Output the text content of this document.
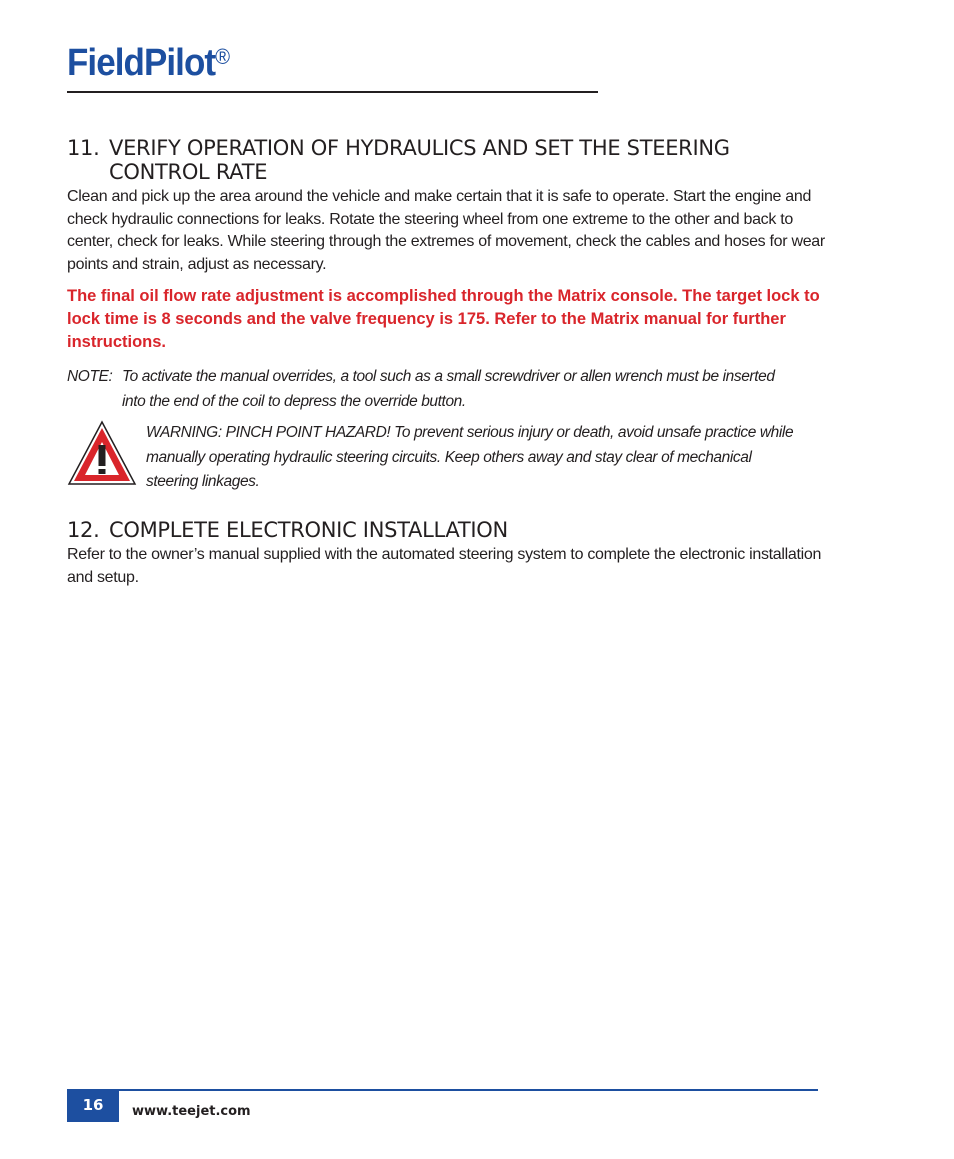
FieldPilot®
11. VERIFY OPERATION OF HYDRAULICS AND SET THE STEERING
CONTROL RATE

Clean and pick up the area around the vehicle and make certain that it is safe to operate. Start the engine and check hydraulic connections for leaks. Rotate the steering wheel from one extreme to the other and back to center, check for leaks. While steering through the extremes of movement, check the cables and hoses for wear points and strain, adjust as necessary.

The final oil flow rate adjustment is accomplished through the Matrix console. The target lock to lock time is 8 seconds and the valve frequency is 175. Refer to the Matrix manual for further instructions.

NOTE: To activate the manual overrides, a tool such as a small screwdriver or allen wrench must be inserted
into the end of the coil to depress the override button.

WARNING: PINCH POINT HAZARD! To prevent serious injury or death, avoid unsafe practice while manually operating hydraulic steering circuits. Keep others away and stay clear of mechanical steering linkages.

12. COMPLETE ELECTRONIC INSTALLATION

Refer to the owner’s manual supplied with the automated steering system to complete the electronic installation and setup.

16	www.teejet.com
